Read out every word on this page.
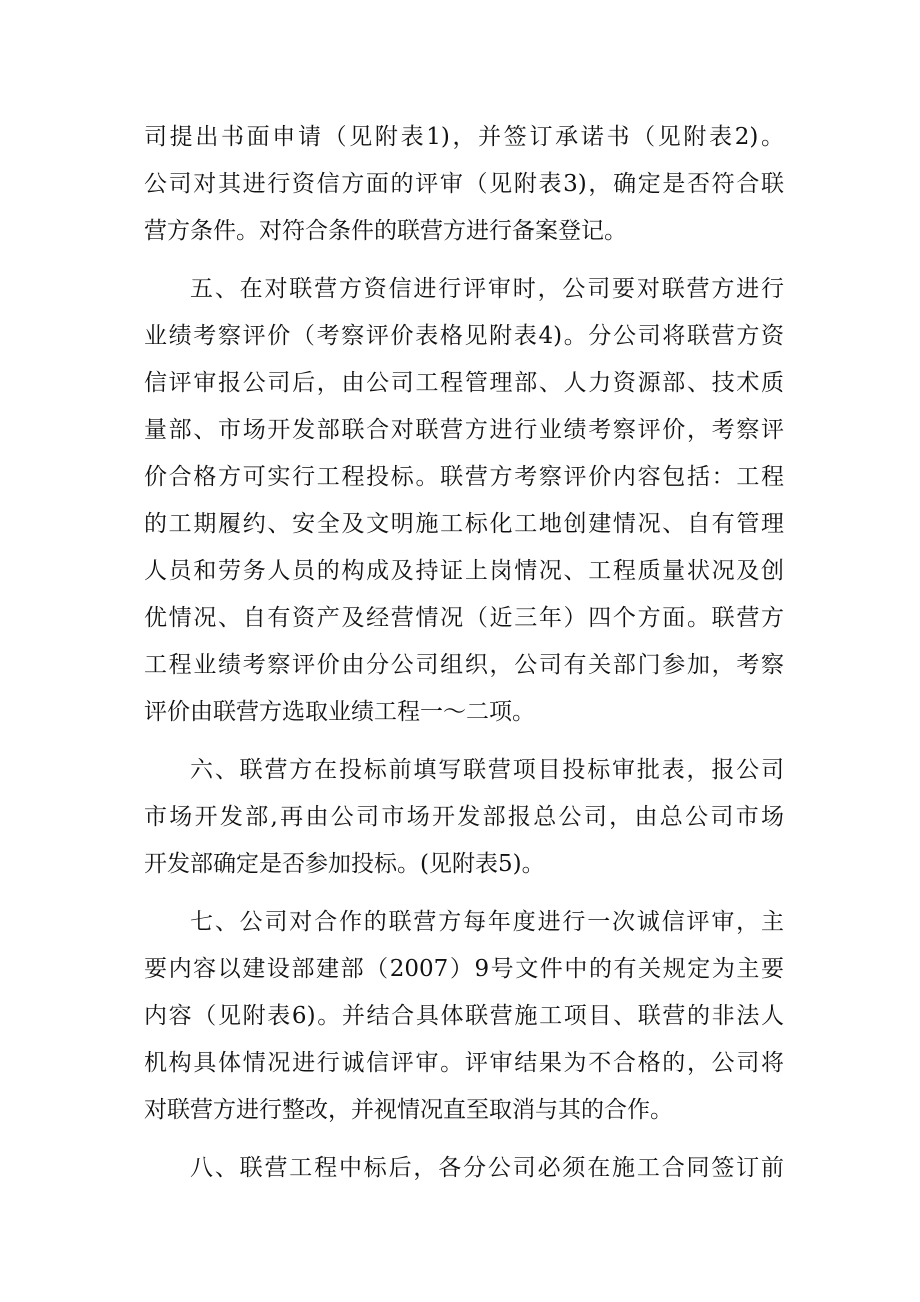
司提出书面申请（见附表1)，并签订承诺书（见附表2)。
公司对其进行资信方面的评审（见附表3)，确定是否符合联
营方条件。对符合条件的联营方进行备案登记。
五、在对联营方资信进行评审时，公司要对联营方进行
业绩考察评价（考察评价表格见附表4)。分公司将联营方资
信评审报公司后，由公司工程管理部、人力资源部、技术质
量部、市场开发部联合对联营方进行业绩考察评价，考察评
价合格方可实行工程投标。联营方考察评价内容包括：工程
的工期履约、安全及文明施工标化工地创建情况、自有管理
人员和劳务人员的构成及持证上岗情况、工程质量状况及创
优情况、自有资产及经营情况（近三年）四个方面。联营方
工程业绩考察评价由分公司组织，公司有关部门参加，考察
评价由联营方选取业绩工程一～二项。
六、联营方在投标前填写联营项目投标审批表，报公司
市场开发部,再由公司市场开发部报总公司，由总公司市场
开发部确定是否参加投标。(见附表5)。
七、公司对合作的联营方每年度进行一次诚信评审，主
要内容以建设部建部（2007）9号文件中的有关规定为主要
内容（见附表6)。并结合具体联营施工项目、联营的非法人
机构具体情况进行诚信评审。评审结果为不合格的，公司将
对联营方进行整改，并视情况直至取消与其的合作。
八、联营工程中标后，各分公司必须在施工合同签订前
